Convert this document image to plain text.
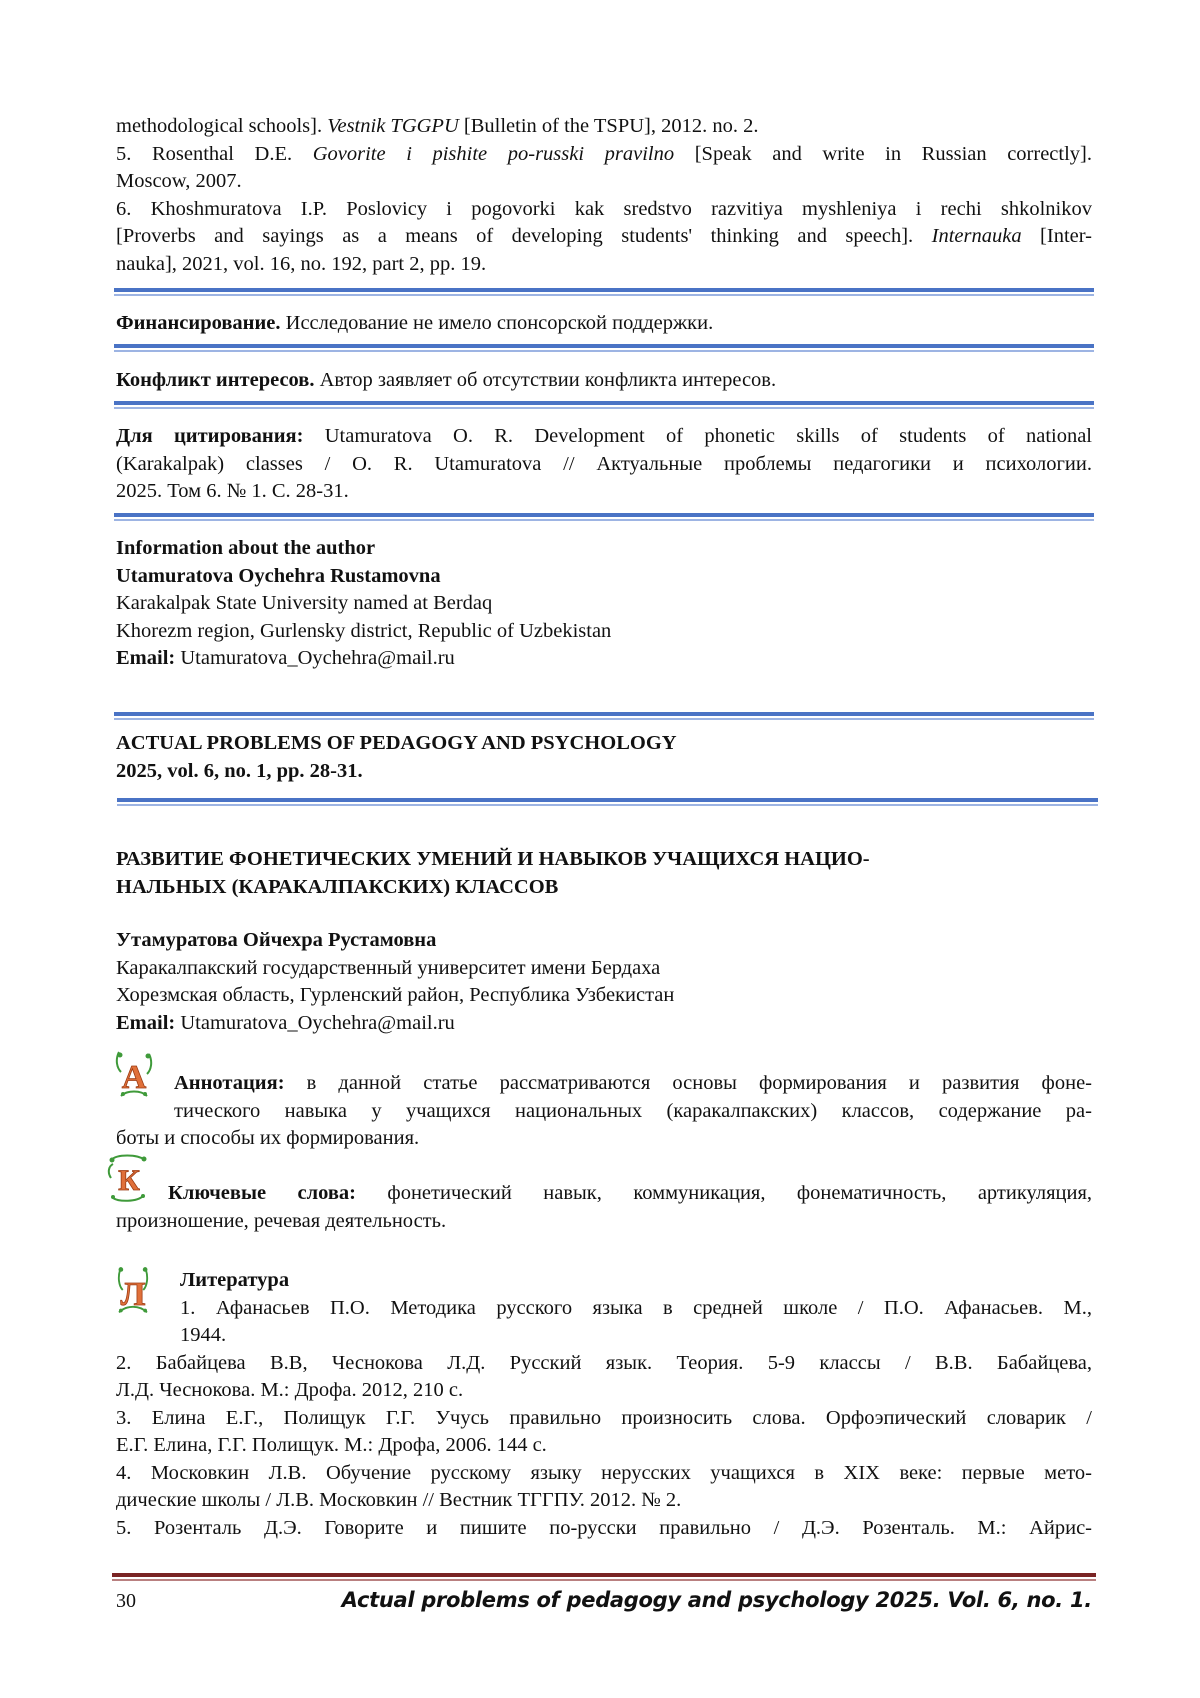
methodological schools]. Vestnik TGGPU [Bulletin of the TSPU], 2012. no. 2.
5. Rosenthal D.E. Govorite i pishite po-russki pravilno [Speak and write in Russian correctly].
Moscow, 2007.
6. Khoshmuratova I.P. Poslovicy i pogovorki kak sredstvo razvitiya myshleniya i rechi shkolnikov
[Proverbs and sayings as a means of developing students' thinking and speech]. Internauka [Inter-
nauka], 2021, vol. 16, no. 192, part 2, pp. 19.
Финансирование. Исследование не имело спонсорской поддержки.
Конфликт интересов. Автор заявляет об отсутствии конфликта интересов.
Для цитирования: Utamuratova O. R. Development of phonetic skills of students of national
(Karakalpak) classes / O. R. Utamuratova // Актуальные проблемы педагогики и психологии.
2025. Том 6. № 1. С. 28-31.
Information about the author
Utamuratova Oychehra Rustamovna
Karakalpak State University named at Berdaq
Khorezm region, Gurlensky district, Republic of Uzbekistan
Email: Utamuratova_Oychehra@mail.ru
ACTUAL PROBLEMS OF PEDAGOGY AND PSYCHOLOGY
2025, vol. 6, no. 1, pp. 28-31.
РАЗВИТИЕ ФОНЕТИЧЕСКИХ УМЕНИЙ И НАВЫКОВ УЧАЩИХСЯ НАЦИО-
НАЛЬНЫХ (КАРАКАЛПАКСКИХ) КЛАССОВ
Утамуратова Ойчехра Рустамовна
Каракалпакский государственный университет имени Бердаха
Хорезмская область, Гурленский район, Республика Узбекистан
Email: Utamuratova_Oychehra@mail.ru
А	Аннотация: в данной статье рассматриваются основы формирования и развития фоне-
тического навыка у учащихся национальных (каракалпакских) классов, содержание ра-
боты и способы их формирования.
К	Ключевые слова: фонетический навык, коммуникация, фонематичность, артикуляция,
произношение, речевая деятельность.
Л	Литература
1. Афанасьев П.О. Методика русского языка в средней школе / П.О. Афанасьев. М.,
1944.
2. Бабайцева В.В, Чеснокова Л.Д. Русский язык. Теория. 5-9 классы / В.В. Бабайцева,
Л.Д. Чеснокова. М.: Дрофа. 2012, 210 с.
3. Елина Е.Г., Полищук Г.Г. Учусь правильно произносить слова. Орфоэпический словарик /
Е.Г. Елина, Г.Г. Полищук. М.: Дрофа, 2006. 144 с.
4. Московкин Л.В. Обучение русскому языку нерусских учащихся в XIX веке: первые мето-
дические школы / Л.В. Московкин // Вестник ТГГПУ. 2012. № 2.
5. Розенталь Д.Э. Говорите и пишите по-русски правильно / Д.Э. Розенталь. М.: Айрис-
30	Actual problems of pedagogy and psychology 2025. Vol. 6, no. 1.
